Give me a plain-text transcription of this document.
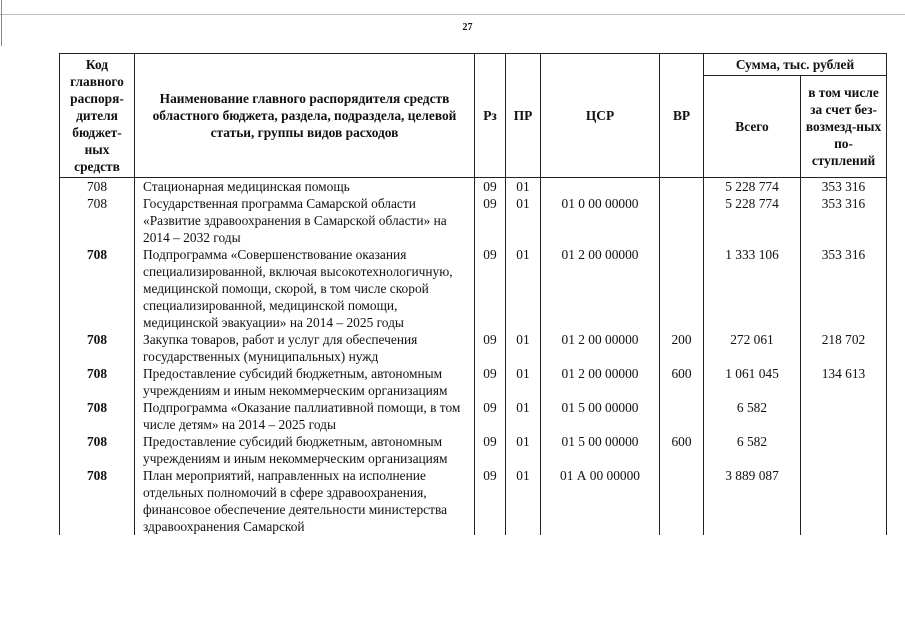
27
Код главного распоря-дителя бюджет-ных средств	Наименование главного распорядителя средств областного бюджета, раздела, подраздела, целевой статьи, группы видов расходов	Рз	ПР	ЦСР	ВР	Сумма, тыс. рублей	
						Всего	в том числе за счет без-возмезд-ных по-ступлений
708	Стационарная медицинская помощь	09	01			5 228 774	353 316
708	Государственная программа Самарской области «Развитие здравоохранения в Самарской области» на 2014 – 2032 годы	09	01	01 0 00 00000		5 228 774	353 316
708	Подпрограмма «Совершенствование оказания специализированной, включая высокотехнологичную, медицинской помощи, скорой, в том числе скорой специализированной, медицинской помощи, медицинской эвакуации» на 2014 – 2025 годы	09	01	01 2 00 00000		1 333 106	353 316
708	Закупка товаров, работ и услуг для обеспечения государственных (муниципальных) нужд	09	01	01 2 00 00000	200	272 061	218 702
708	Предоставление субсидий бюджетным, автономным учреждениям и иным некоммерческим организациям	09	01	01 2 00 00000	600	1 061 045	134 613
708	Подпрограмма «Оказание паллиативной помощи, в том числе детям» на 2014 – 2025 годы	09	01	01 5 00 00000		6 582	
708	Предоставление субсидий бюджетным, автономным учреждениям и иным некоммерческим организациям	09	01	01 5 00 00000	600	6 582	
708	План мероприятий, направленных на исполнение отдельных полномочий в сфере здравоохранения, финансовое обеспечение деятельности министерства здравоохранения Самарской	09	01	01 А 00 00000		3 889 087	
